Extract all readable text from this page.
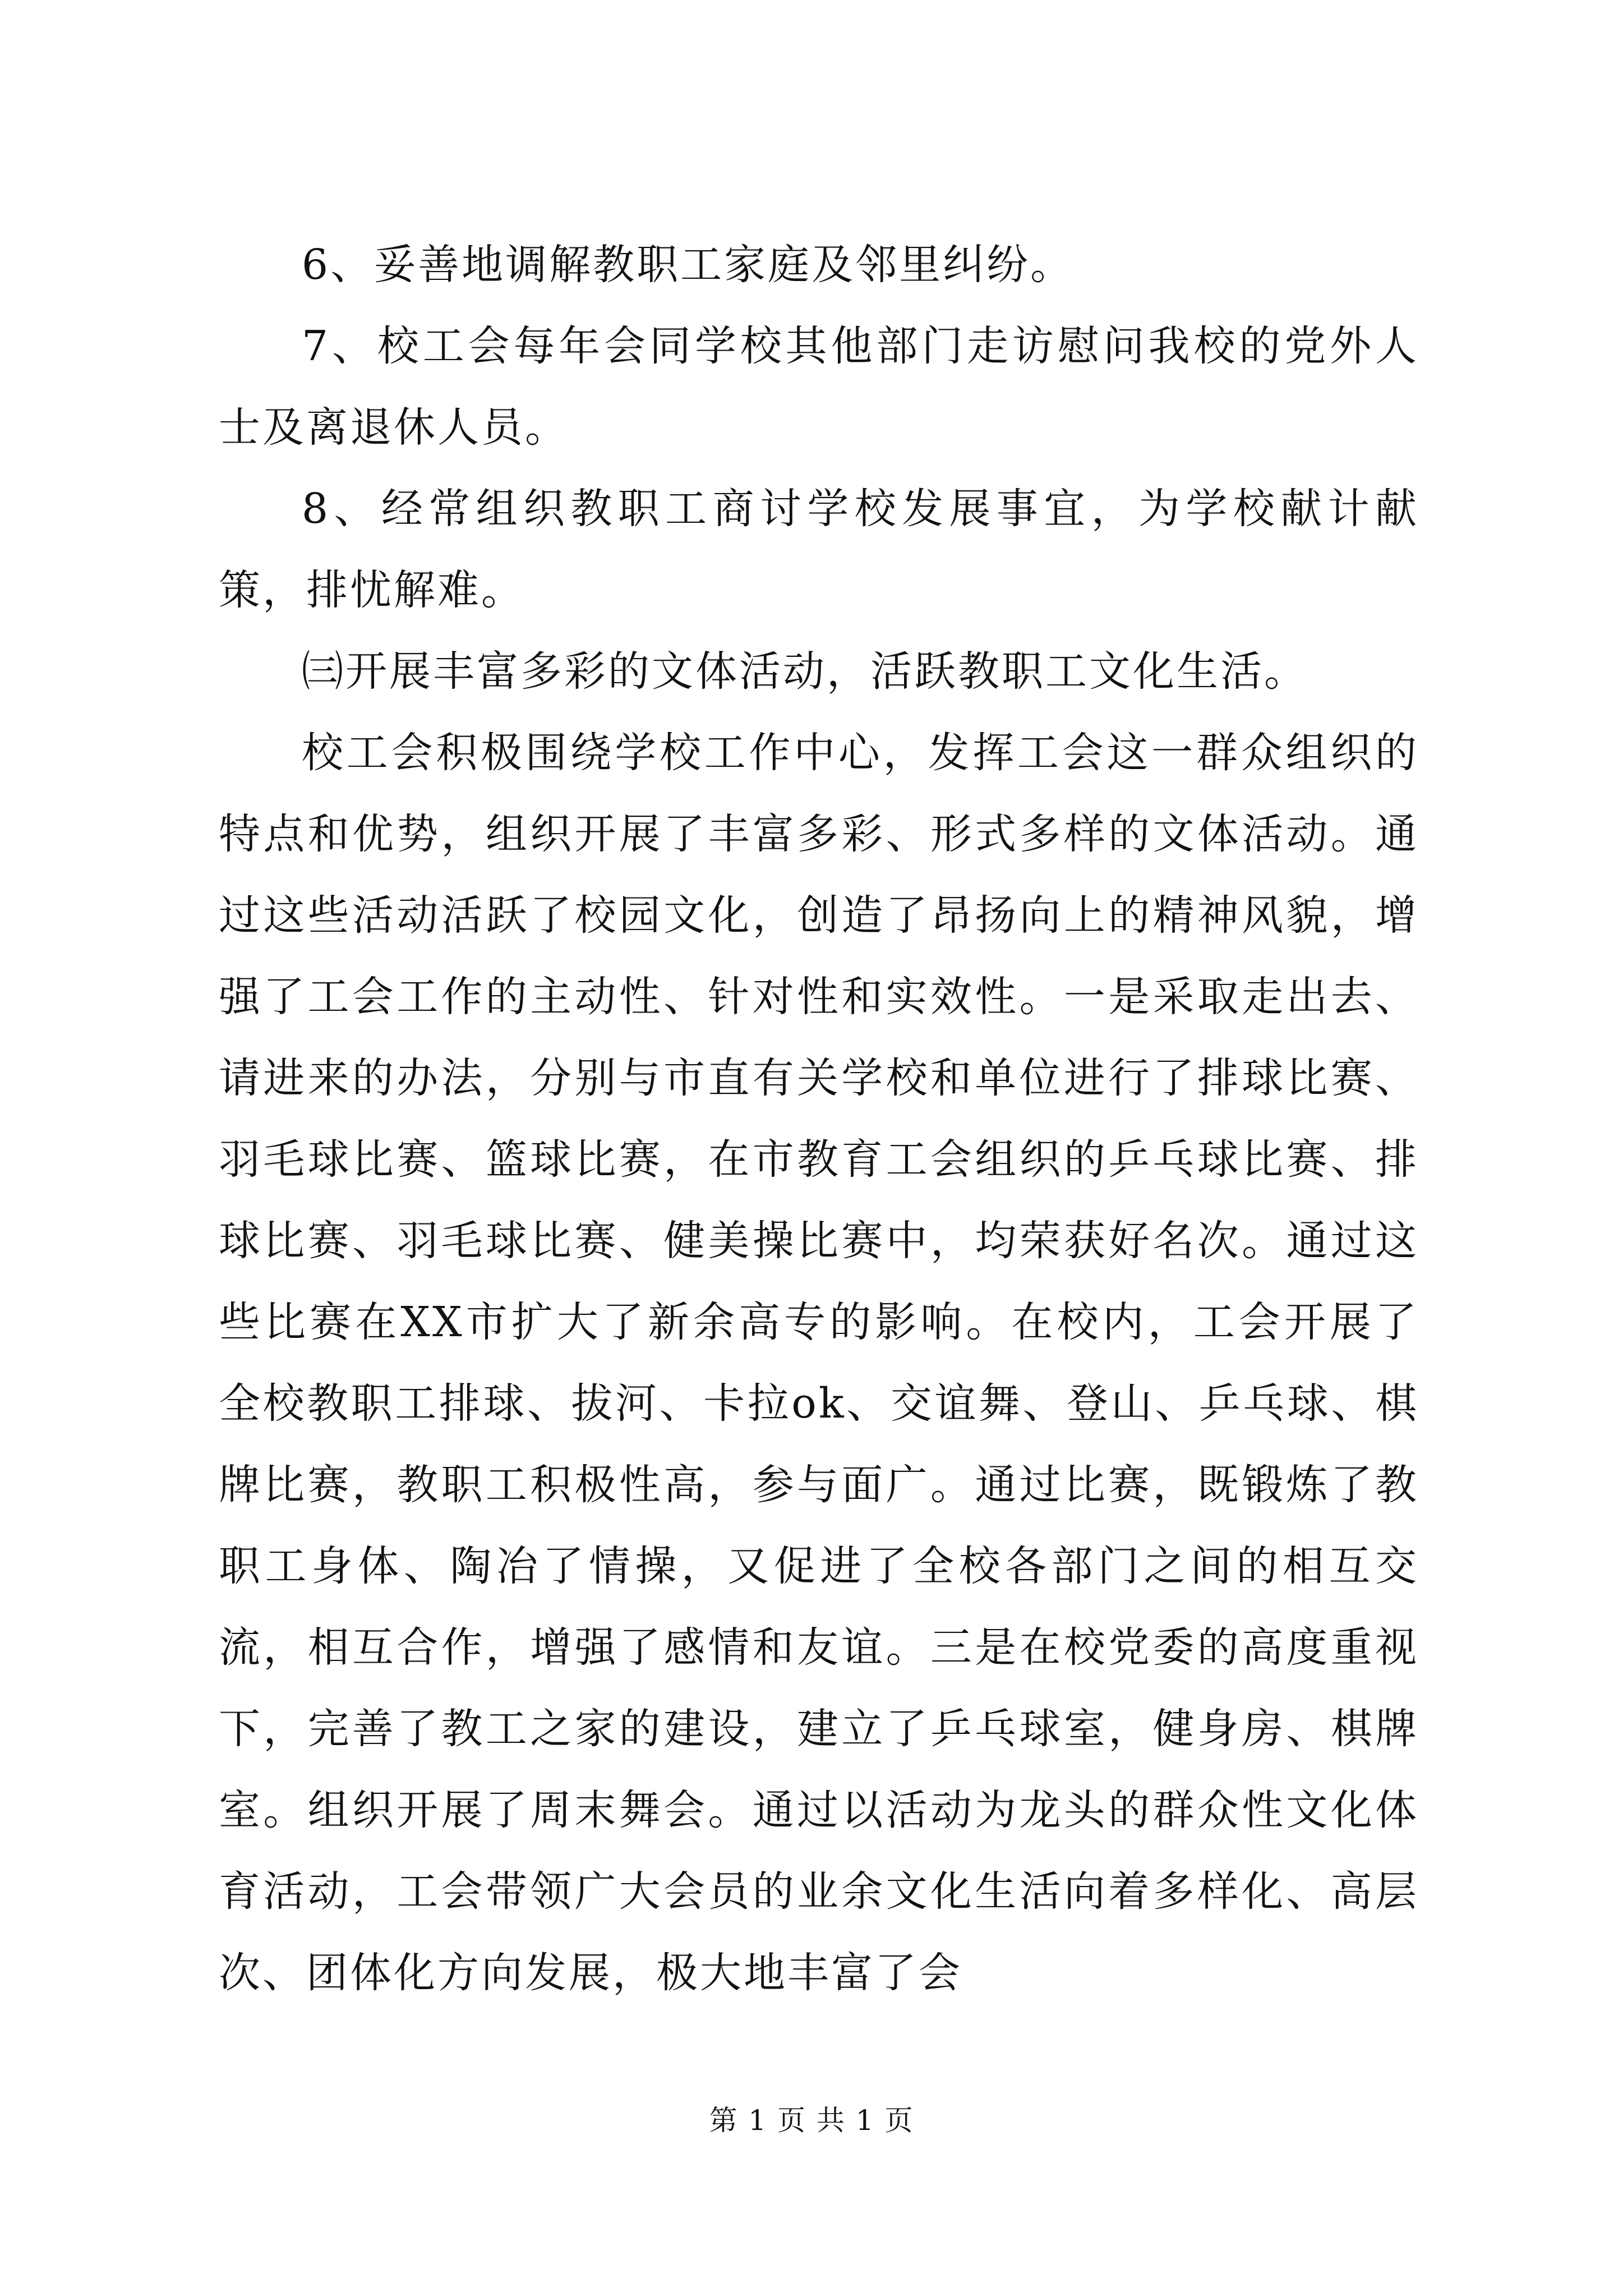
6、妥善地调解教职工家庭及邻里纠纷。

7、校工会每年会同学校其他部门走访慰问我校的党外人士及离退休人员。

8、经常组织教职工商讨学校发展事宜，为学校献计献策，排忧解难。

㈢开展丰富多彩的文体活动，活跃教职工文化生活。

校工会积极围绕学校工作中心，发挥工会这一群众组织的特点和优势，组织开展了丰富多彩、形式多样的文体活动。通过这些活动活跃了校园文化，创造了昂扬向上的精神风貌，增强了工会工作的主动性、针对性和实效性。一是采取走出去、请进来的办法，分别与市直有关学校和单位进行了排球比赛、羽毛球比赛、篮球比赛，在市教育工会组织的乒乓球比赛、排球比赛、羽毛球比赛、健美操比赛中，均荣获好名次。通过这些比赛在XX市扩大了新余高专的影响。在校内，工会开展了全校教职工排球、拔河、卡拉ok、交谊舞、登山、乒乓球、棋牌比赛，教职工积极性高，参与面广。通过比赛，既锻炼了教职工身体、陶冶了情操，又促进了全校各部门之间的相互交流，相互合作，增强了感情和友谊。三是在校党委的高度重视下，完善了教工之家的建设，建立了乒乓球室，健身房、棋牌室。组织开展了周末舞会。通过以活动为龙头的群众性文化体育活动，工会带领广大会员的业余文化生活向着多样化、高层次、团体化方向发展，极大地丰富了会

第 1 页 共 1 页
